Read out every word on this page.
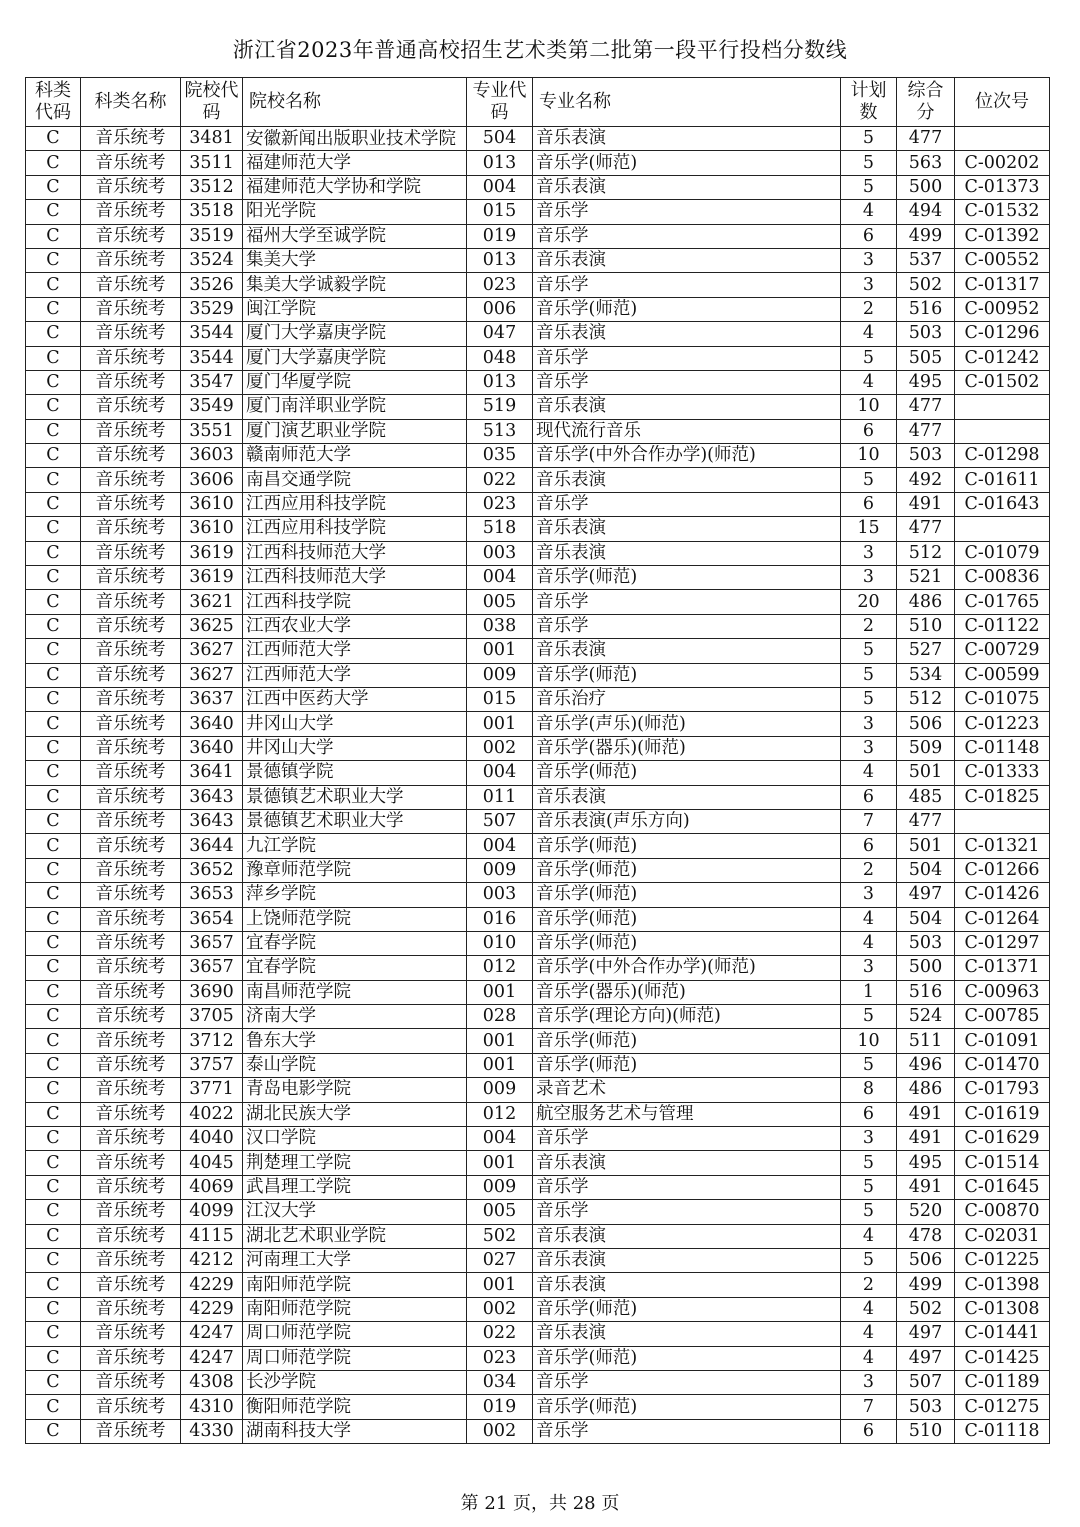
浙江省2023年普通高校招生艺术类第二批第一段平行投档分数线
科类代码	科类名称	院校代码	院校名称	专业代码	专业名称	计划数	综合分	位次号
C	音乐统考	3481	安徽新闻出版职业技术学院	504	音乐表演	5	477	
C	音乐统考	3511	福建师范大学	013	音乐学(师范)	5	563	C-00202
C	音乐统考	3512	福建师范大学协和学院	004	音乐表演	5	500	C-01373
C	音乐统考	3518	阳光学院	015	音乐学	4	494	C-01532
C	音乐统考	3519	福州大学至诚学院	019	音乐学	6	499	C-01392
C	音乐统考	3524	集美大学	013	音乐表演	3	537	C-00552
C	音乐统考	3526	集美大学诚毅学院	023	音乐学	3	502	C-01317
C	音乐统考	3529	闽江学院	006	音乐学(师范)	2	516	C-00952
C	音乐统考	3544	厦门大学嘉庚学院	047	音乐表演	4	503	C-01296
C	音乐统考	3544	厦门大学嘉庚学院	048	音乐学	5	505	C-01242
C	音乐统考	3547	厦门华厦学院	013	音乐学	4	495	C-01502
C	音乐统考	3549	厦门南洋职业学院	519	音乐表演	10	477	
C	音乐统考	3551	厦门演艺职业学院	513	现代流行音乐	6	477	
C	音乐统考	3603	赣南师范大学	035	音乐学(中外合作办学)(师范)	10	503	C-01298
C	音乐统考	3606	南昌交通学院	022	音乐表演	5	492	C-01611
C	音乐统考	3610	江西应用科技学院	023	音乐学	6	491	C-01643
C	音乐统考	3610	江西应用科技学院	518	音乐表演	15	477	
C	音乐统考	3619	江西科技师范大学	003	音乐表演	3	512	C-01079
C	音乐统考	3619	江西科技师范大学	004	音乐学(师范)	3	521	C-00836
C	音乐统考	3621	江西科技学院	005	音乐学	20	486	C-01765
C	音乐统考	3625	江西农业大学	038	音乐学	2	510	C-01122
C	音乐统考	3627	江西师范大学	001	音乐表演	5	527	C-00729
C	音乐统考	3627	江西师范大学	009	音乐学(师范)	5	534	C-00599
C	音乐统考	3637	江西中医药大学	015	音乐治疗	5	512	C-01075
C	音乐统考	3640	井冈山大学	001	音乐学(声乐)(师范)	3	506	C-01223
C	音乐统考	3640	井冈山大学	002	音乐学(器乐)(师范)	3	509	C-01148
C	音乐统考	3641	景德镇学院	004	音乐学(师范)	4	501	C-01333
C	音乐统考	3643	景德镇艺术职业大学	011	音乐表演	6	485	C-01825
C	音乐统考	3643	景德镇艺术职业大学	507	音乐表演(声乐方向)	7	477	
C	音乐统考	3644	九江学院	004	音乐学(师范)	6	501	C-01321
C	音乐统考	3652	豫章师范学院	009	音乐学(师范)	2	504	C-01266
C	音乐统考	3653	萍乡学院	003	音乐学(师范)	3	497	C-01426
C	音乐统考	3654	上饶师范学院	016	音乐学(师范)	4	504	C-01264
C	音乐统考	3657	宜春学院	010	音乐学(师范)	4	503	C-01297
C	音乐统考	3657	宜春学院	012	音乐学(中外合作办学)(师范)	3	500	C-01371
C	音乐统考	3690	南昌师范学院	001	音乐学(器乐)(师范)	1	516	C-00963
C	音乐统考	3705	济南大学	028	音乐学(理论方向)(师范)	5	524	C-00785
C	音乐统考	3712	鲁东大学	001	音乐学(师范)	10	511	C-01091
C	音乐统考	3757	泰山学院	001	音乐学(师范)	5	496	C-01470
C	音乐统考	3771	青岛电影学院	009	录音艺术	8	486	C-01793
C	音乐统考	4022	湖北民族大学	012	航空服务艺术与管理	6	491	C-01619
C	音乐统考	4040	汉口学院	004	音乐学	3	491	C-01629
C	音乐统考	4045	荆楚理工学院	001	音乐表演	5	495	C-01514
C	音乐统考	4069	武昌理工学院	009	音乐学	5	491	C-01645
C	音乐统考	4099	江汉大学	005	音乐学	5	520	C-00870
C	音乐统考	4115	湖北艺术职业学院	502	音乐表演	4	478	C-02031
C	音乐统考	4212	河南理工大学	027	音乐表演	5	506	C-01225
C	音乐统考	4229	南阳师范学院	001	音乐表演	2	499	C-01398
C	音乐统考	4229	南阳师范学院	002	音乐学(师范)	4	502	C-01308
C	音乐统考	4247	周口师范学院	022	音乐表演	4	497	C-01441
C	音乐统考	4247	周口师范学院	023	音乐学(师范)	4	497	C-01425
C	音乐统考	4308	长沙学院	034	音乐学	3	507	C-01189
C	音乐统考	4310	衡阳师范学院	019	音乐学(师范)	7	503	C-01275
C	音乐统考	4330	湖南科技大学	002	音乐学	6	510	C-01118
第 21 页，共 28 页
